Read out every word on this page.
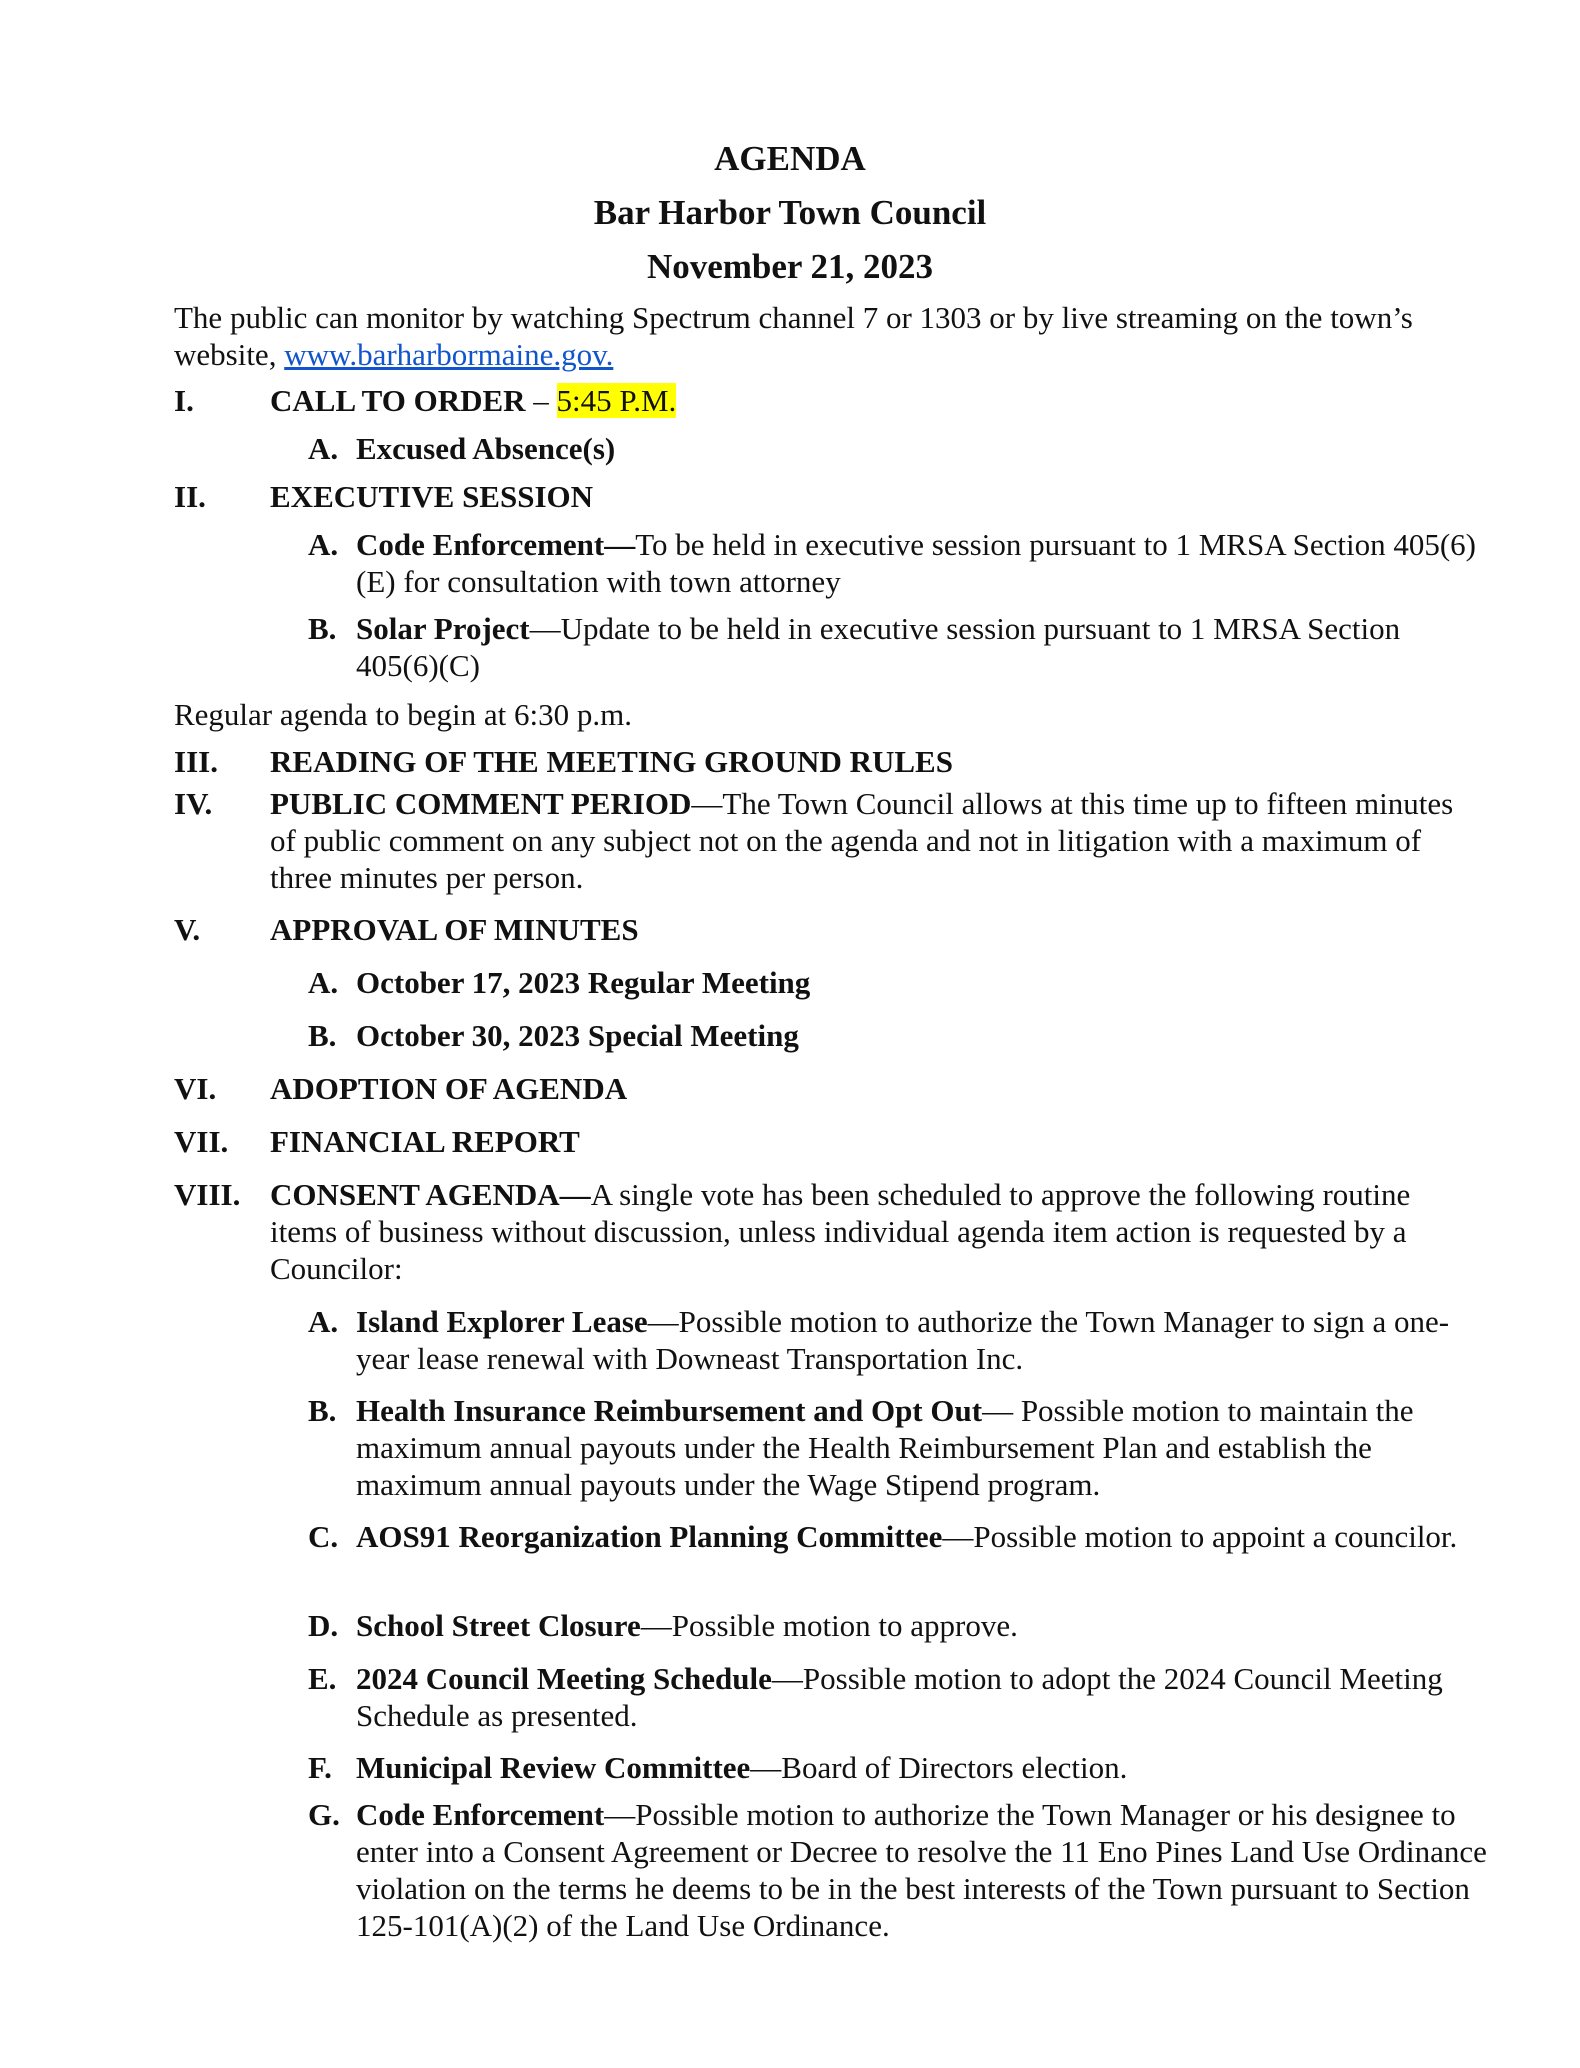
AGENDA
Bar Harbor Town Council
November 21, 2023
The public can monitor by watching Spectrum channel 7 or 1303 or by live streaming on the town’s website, www.barharbormaine.gov.
I. CALL TO ORDER – 5:45 P.M.
A. Excused Absence(s)
II. EXECUTIVE SESSION
A. Code Enforcement—To be held in executive session pursuant to 1 MRSA Section 405(6)(E) for consultation with town attorney
B. Solar Project—Update to be held in executive session pursuant to 1 MRSA Section 405(6)(C)
Regular agenda to begin at 6:30 p.m.
III. READING OF THE MEETING GROUND RULES
IV. PUBLIC COMMENT PERIOD—The Town Council allows at this time up to fifteen minutes of public comment on any subject not on the agenda and not in litigation with a maximum of three minutes per person.
V. APPROVAL OF MINUTES
A. October 17, 2023 Regular Meeting
B. October 30, 2023 Special Meeting
VI. ADOPTION OF AGENDA
VII. FINANCIAL REPORT
VIII. CONSENT AGENDA—A single vote has been scheduled to approve the following routine items of business without discussion, unless individual agenda item action is requested by a Councilor:
A. Island Explorer Lease—Possible motion to authorize the Town Manager to sign a one-year lease renewal with Downeast Transportation Inc.
B. Health Insurance Reimbursement and Opt Out— Possible motion to maintain the maximum annual payouts under the Health Reimbursement Plan and establish the maximum annual payouts under the Wage Stipend program.
C. AOS91 Reorganization Planning Committee—Possible motion to appoint a councilor.
D. School Street Closure—Possible motion to approve.
E. 2024 Council Meeting Schedule—Possible motion to adopt the 2024 Council Meeting Schedule as presented.
F. Municipal Review Committee—Board of Directors election.
G. Code Enforcement—Possible motion to authorize the Town Manager or his designee to enter into a Consent Agreement or Decree to resolve the 11 Eno Pines Land Use Ordinance violation on the terms he deems to be in the best interests of the Town pursuant to Section 125-101(A)(2) of the Land Use Ordinance.
